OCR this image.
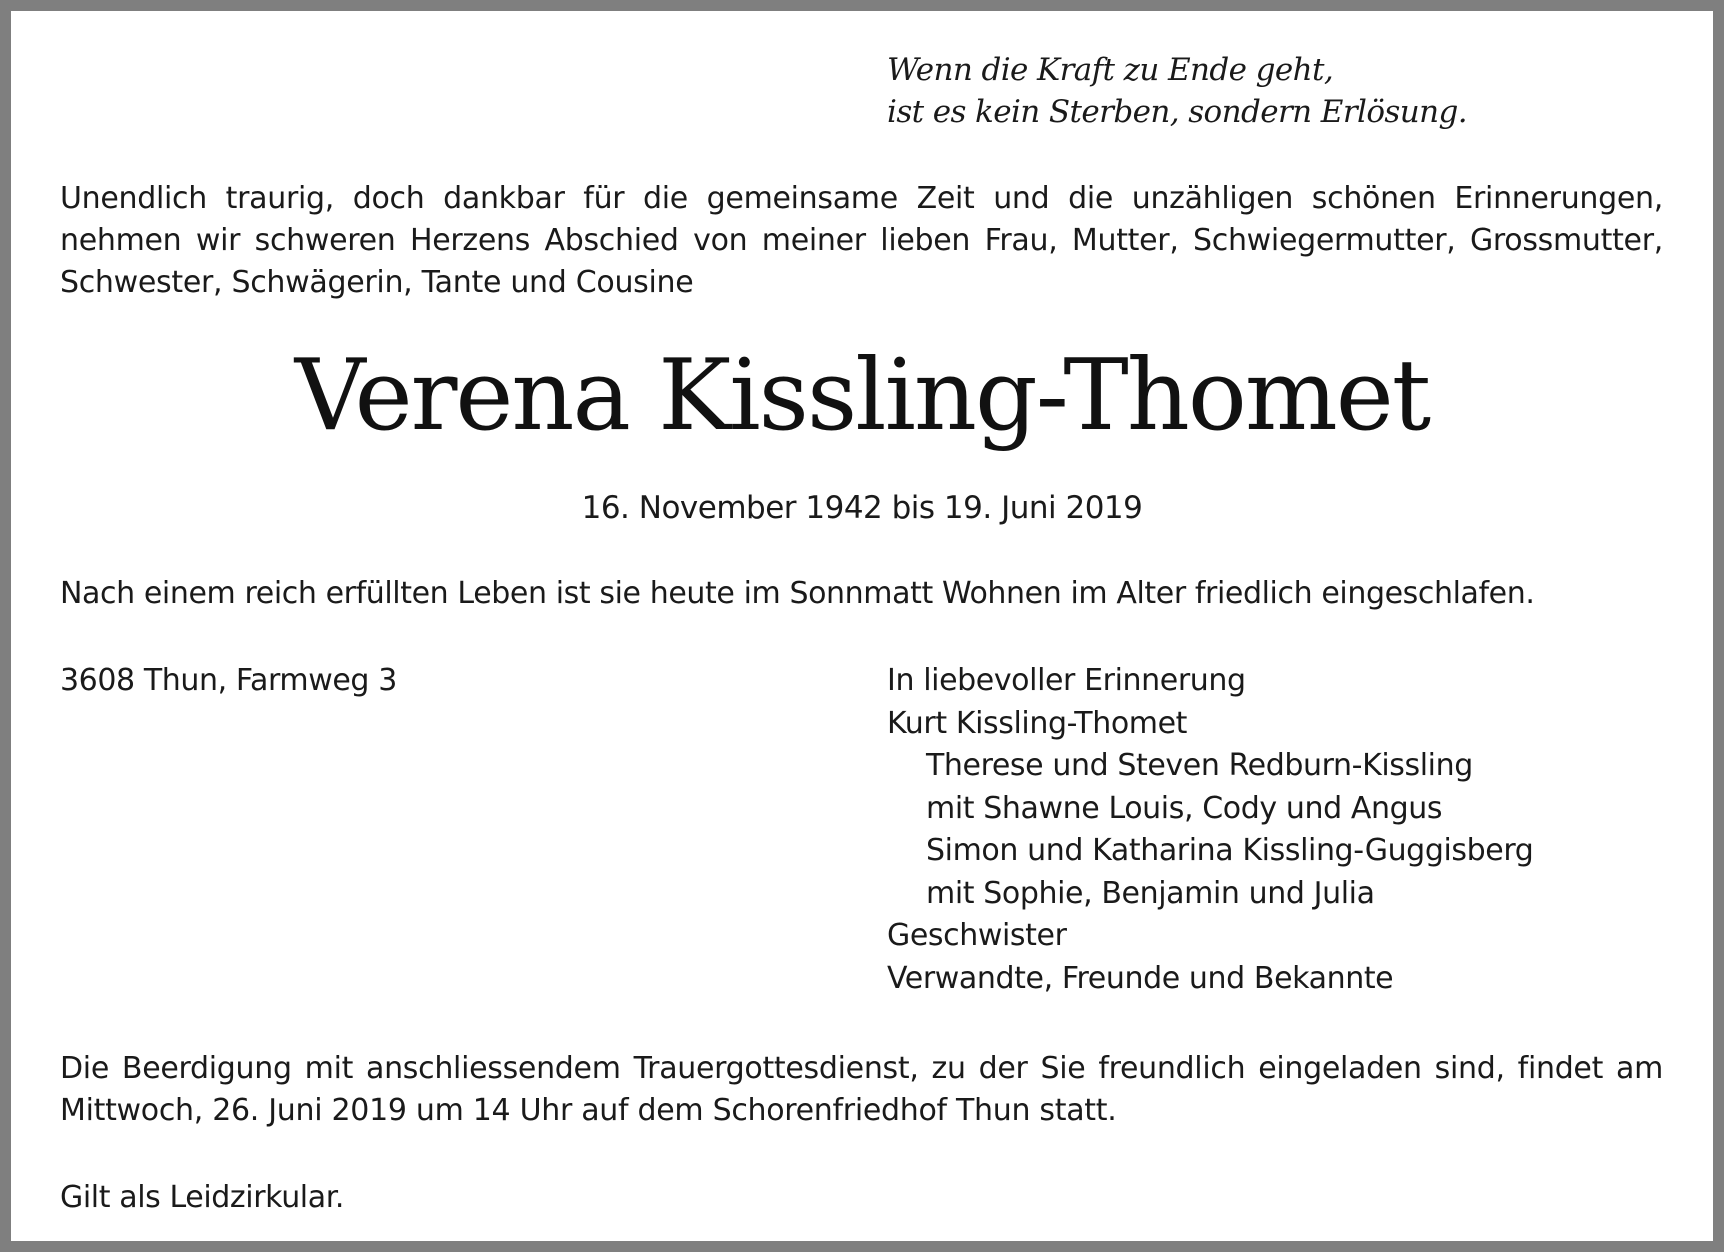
Wenn die Kraft zu Ende geht,
ist es kein Sterben, sondern Erlösung.
Unendlich traurig, doch dankbar für die gemeinsame Zeit und die unzähligen schönen Erinnerungen, nehmen wir schweren Herzens Abschied von meiner lieben Frau, Mutter, Schwiegermutter, Grossmutter, Schwester, Schwägerin, Tante und Cousine
Verena Kissling-Thomet
16. November 1942 bis 19. Juni 2019
Nach einem reich erfüllten Leben ist sie heute im Sonnmatt Wohnen im Alter friedlich eingeschlafen.
3608 Thun, Farmweg 3	In liebevoller Erinnerung
Kurt Kissling-Thomet
Therese und Steven Redburn-Kissling
mit Shawne Louis, Cody und Angus
Simon und Katharina Kissling-Guggisberg
mit Sophie, Benjamin und Julia
Geschwister
Verwandte, Freunde und Bekannte
Die Beerdigung mit anschliessendem Trauergottesdienst, zu der Sie freundlich eingeladen sind, findet am Mittwoch, 26. Juni 2019 um 14 Uhr auf dem Schorenfriedhof Thun statt.
Gilt als Leidzirkular.
